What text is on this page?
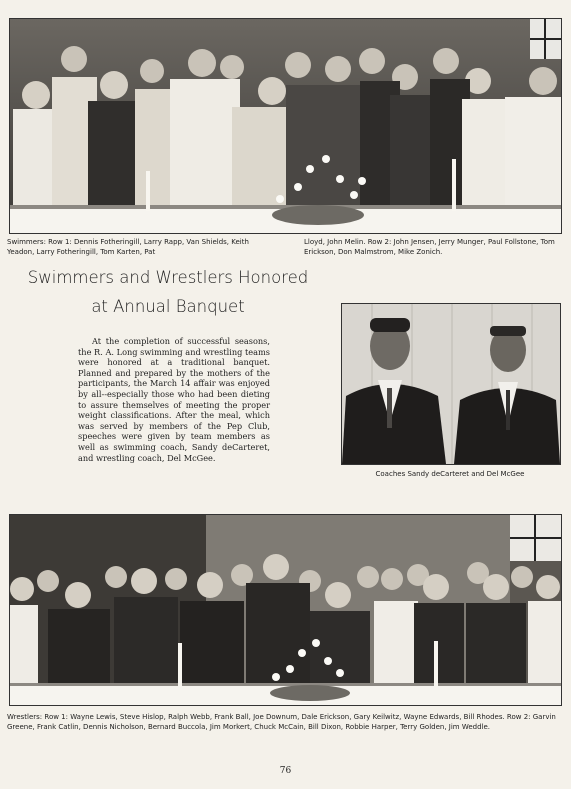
Swimmers: Row 1: Dennis Fotheringill, Larry Rapp, Van Shields, Keith Yeadon, Larry Fotheringill, Tom Karten, Pat
Lloyd, John Melin. Row 2: John Jensen, Jerry Munger, Paul Follstone, Tom Erickson, Don Malmstrom, Mike Zonich.
Swimmers and Wrestlers Honored
at Annual Banquet

At the completion of successful seasons, the R. A. Long swimming and wrestling teams were honored at a traditional banquet. Planned and prepared by the mothers of the participants, the March 14 affair was enjoyed by all--especially those who had been dieting to assure themselves of meeting the proper weight classifications. After the meal, which was served by members of the Pep Club, speeches were given by team members as well as swimming coach, Sandy deCarteret, and wrestling coach, Del McGee.

Coaches Sandy deCarteret and Del McGee
Wrestlers: Row 1: Wayne Lewis, Steve Hislop, Ralph Webb, Frank Ball, Joe Downum, Dale Erickson, Gary Keilwitz, Wayne Edwards, Bill Rhodes. Row 2: Garvin Greene, Frank Catlin, Dennis Nicholson, Bernard Buccola, Jim Morkert, Chuck McCain, Bill Dixon, Robbie Harper, Terry Golden, Jim Weddle.
76
